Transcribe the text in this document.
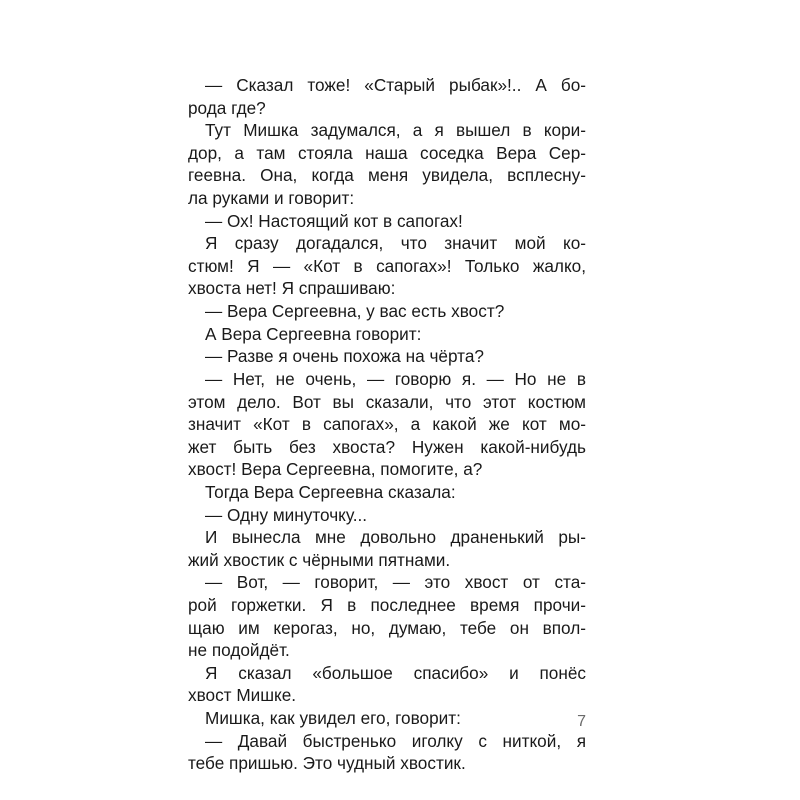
— Сказал тоже! «Старый рыбак»!.. А бо-
рода где?
Тут Мишка задумался, а я вышел в кори-
дор, а там стояла наша соседка Вера Сер-
геевна. Она, когда меня увидела, всплесну-
ла руками и говорит:
— Ох! Настоящий кот в сапогах!
Я сразу догадался, что значит мой ко-
стюм! Я — «Кот в сапогах»! Только жалко,
хвоста нет! Я спрашиваю:
— Вера Сергеевна, у вас есть хвост?
А Вера Сергеевна говорит:
— Разве я очень похожа на чёрта?
— Нет, не очень, — говорю я. — Но не в
этом дело. Вот вы сказали, что этот костюм
значит «Кот в сапогах», а какой же кот мо-
жет быть без хвоста? Нужен какой-нибудь
хвост! Вера Сергеевна, помогите, а?
Тогда Вера Сергеевна сказала:
— Одну минуточку...
И вынесла мне довольно драненький ры-
жий хвостик с чёрными пятнами.
— Вот, — говорит, — это хвост от ста-
рой горжетки. Я в последнее время прочи-
щаю им керогаз, но, думаю, тебе он впол-
не подойдёт.
Я сказал «большое спасибо» и понёс
хвост Мишке.
Мишка, как увидел его, говорит:
— Давай быстренько иголку с ниткой, я
тебе пришью. Это чудный хвостик.
7
